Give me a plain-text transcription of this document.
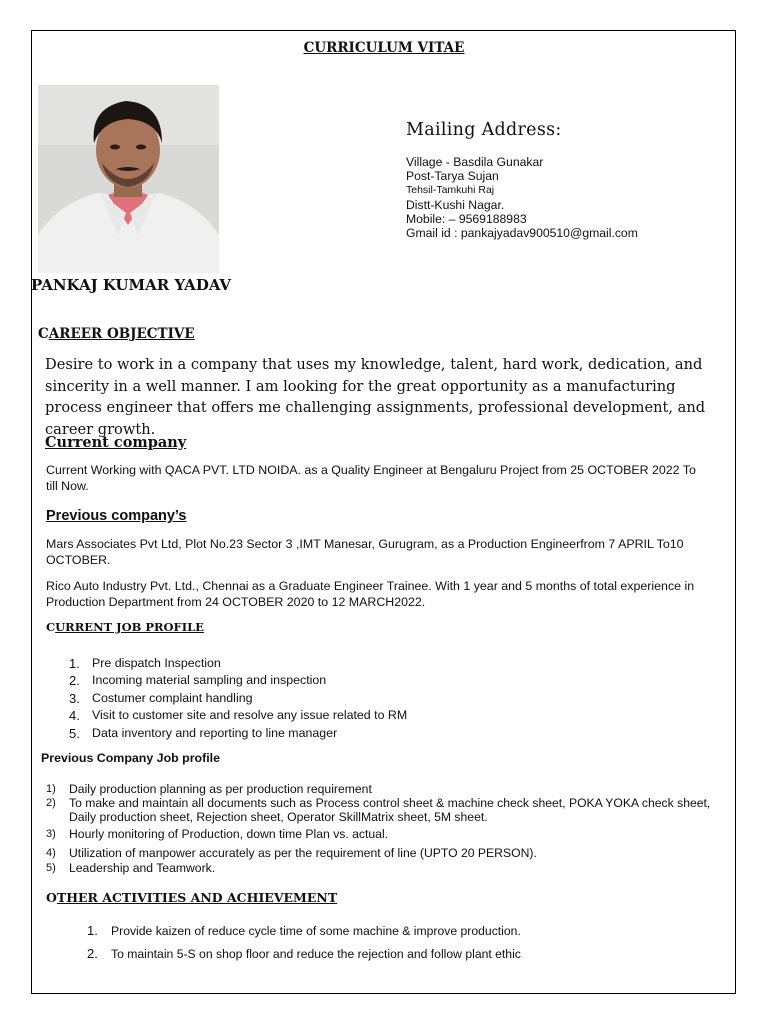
CURRICULUM VITAE
Mailing Address:
Village - Basdila Gunakar
Post-Tarya Sujan
Tehsil-Tamkuhi Raj
Distt-Kushi Nagar.
Mobile: – 9569188983
Gmail id : pankajyadav900510@gmail.com
PANKAJ KUMAR YADAV
CAREER OBJECTIVE
Desire to work in a company that uses my knowledge, talent, hard work, dedication, and sincerity in a well manner. I am looking for the great opportunity as a manufacturing process engineer that offers me challenging assignments, professional development, and career growth.
Current company
Current Working with QACA PVT. LTD NOIDA. as a Quality Engineer at Bengaluru Project from 25 OCTOBER 2022 To till Now.
Previous company’s
Mars Associates Pvt Ltd, Plot No.23 Sector 3 ,IMT Manesar, Gurugram, as a Production Engineerfrom 7 APRIL To10 OCTOBER.
Rico Auto Industry Pvt. Ltd., Chennai as a Graduate Engineer Trainee. With 1 year and 5 months of total experience in Production Department from 24 OCTOBER 2020 to 12 MARCH2022.
CURRENT JOB PROFILE
1. Pre dispatch Inspection
2. Incoming material sampling and inspection
3. Costumer complaint handling
4. Visit to customer site and resolve any issue related to RM
5. Data inventory and reporting to line manager
Previous Company Job profile
1) Daily production planning as per production requirement
2) To make and maintain all documents such as Process control sheet & machine check sheet, POKA YOKA check sheet, Daily production sheet, Rejection sheet, Operator SkillMatrix sheet, 5M sheet.
3) Hourly monitoring of Production, down time Plan vs. actual.
4) Utilization of manpower accurately as per the requirement of line (UPTO 20 PERSON).
5) Leadership and Teamwork.
OTHER ACTIVITIES AND ACHIEVEMENT
1. Provide kaizen of reduce cycle time of some machine & improve production.
2. To maintain 5-S on shop floor and reduce the rejection and follow plant ethic
